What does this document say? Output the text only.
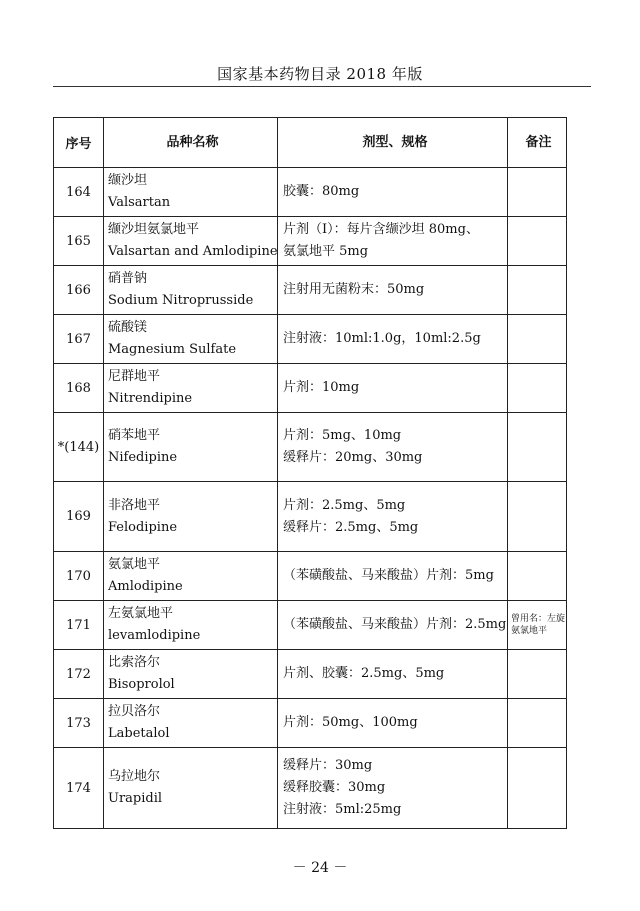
国家基本药物目录 2018 年版
序号	品种名称	剂型、规格	备注
164	缬沙坦
Valsartan	胶囊：80mg	

165	缬沙坦氨氯地平
Valsartan and Amlodipine	片剂（Ⅰ）：每片含缬沙坦 80mg、
氨氯地平 5mg	

166	硝普钠
Sodium Nitroprusside	注射用无菌粉末：50mg	

167	硫酸镁
Magnesium Sulfate	注射液：10ml:1.0g，10ml:2.5g	

168	尼群地平
Nitrendipine	片剂：10mg	

*(144)	硝苯地平
Nifedipine	片剂：5mg、10mg
缓释片：20mg、30mg	

169	非洛地平
Felodipine	片剂：2.5mg、5mg
缓释片：2.5mg、5mg	

170	氨氯地平
Amlodipine	（苯磺酸盐、马来酸盐）片剂：5mg	

171	左氨氯地平
levamlodipine	（苯磺酸盐、马来酸盐）片剂：2.5mg	曾用名：左旋氨氯地平
172	比索洛尔
Bisoprolol	片剂、胶囊：2.5mg、5mg	

173	拉贝洛尔
Labetalol	片剂：50mg、100mg	

174	乌拉地尔
Urapidil	缓释片：30mg
缓释胶囊：30mg
注射液：5ml:25mg	

－ 24 －
